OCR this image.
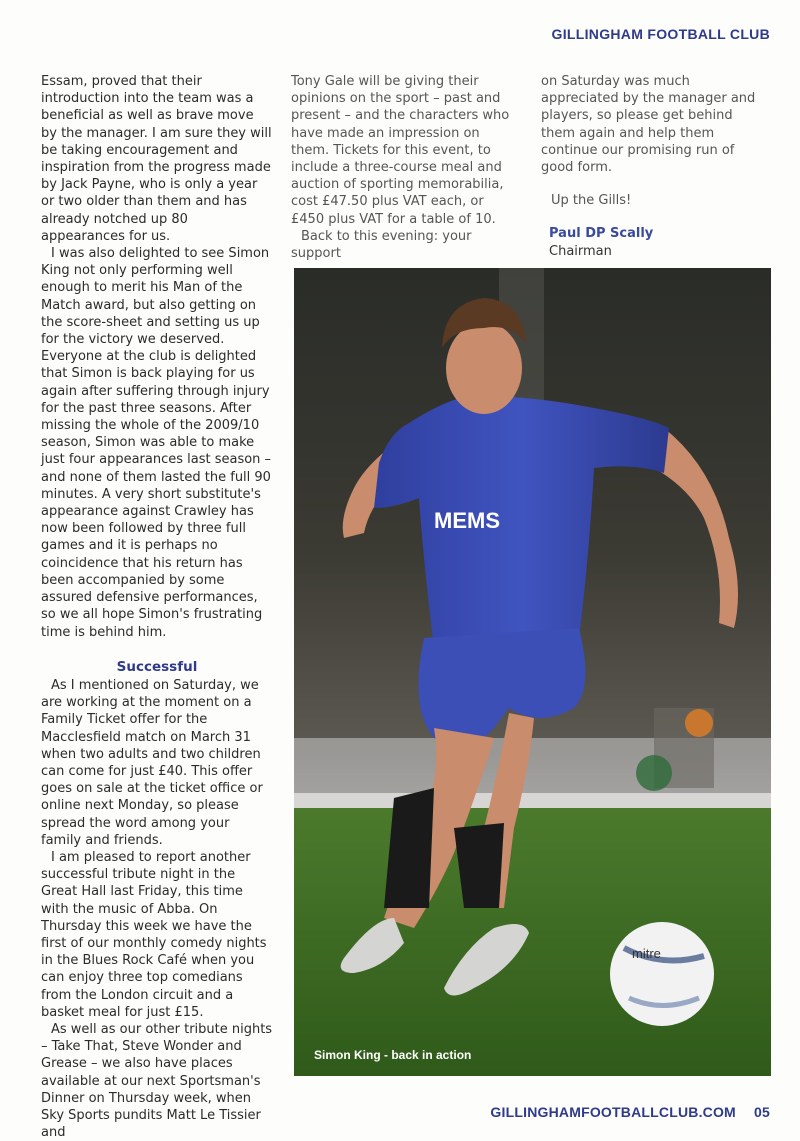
GILLINGHAM FOOTBALL CLUB

Essam, proved that their introduction into the team was a beneficial as well as brave move by the manager. I am sure they will be taking encouragement and inspiration from the progress made by Jack Payne, who is only a year or two older than them and has already notched up 80 appearances for us.

I was also delighted to see Simon King not only performing well enough to merit his Man of the Match award, but also getting on the score-sheet and setting us up for the victory we deserved. Everyone at the club is delighted that Simon is back playing for us again after suffering through injury for the past three seasons. After missing the whole of the 2009/10 season, Simon was able to make just four appearances last season – and none of them lasted the full 90 minutes. A very short substitute's appearance against Crawley has now been followed by three full games and it is perhaps no coincidence that his return has been accompanied by some assured defensive performances, so we all hope Simon's frustrating time is behind him.

Successful

As I mentioned on Saturday, we are working at the moment on a Family Ticket offer for the Macclesfield match on March 31 when two adults and two children can come for just £40. This offer goes on sale at the ticket office or online next Monday, so please spread the word among your family and friends.

I am pleased to report another successful tribute night in the Great Hall last Friday, this time with the music of Abba. On Thursday this week we have the first of our monthly comedy nights in the Blues Rock Café when you can enjoy three top comedians from the London circuit and a basket meal for just £15.

As well as our other tribute nights – Take That, Steve Wonder and Grease – we also have places available at our next Sportsman's Dinner on Thursday week, when Sky Sports pundits Matt Le Tissier and

Tony Gale will be giving their opinions on the sport – past and present – and the characters who have made an impression on them. Tickets for this event, to include a three-course meal and auction of sporting memorabilia, cost £47.50 plus VAT each, or £450 plus VAT for a table of 10.

Back to this evening: your support

on Saturday was much appreciated by the manager and players, so please get behind them again and help them continue our promising run of good form.

Up the Gills!

Paul DP Scally

Chairman

MEMS
mitre
Simon King - back in action
GILLINGHAMFOOTBALLCLUB.COM 05
